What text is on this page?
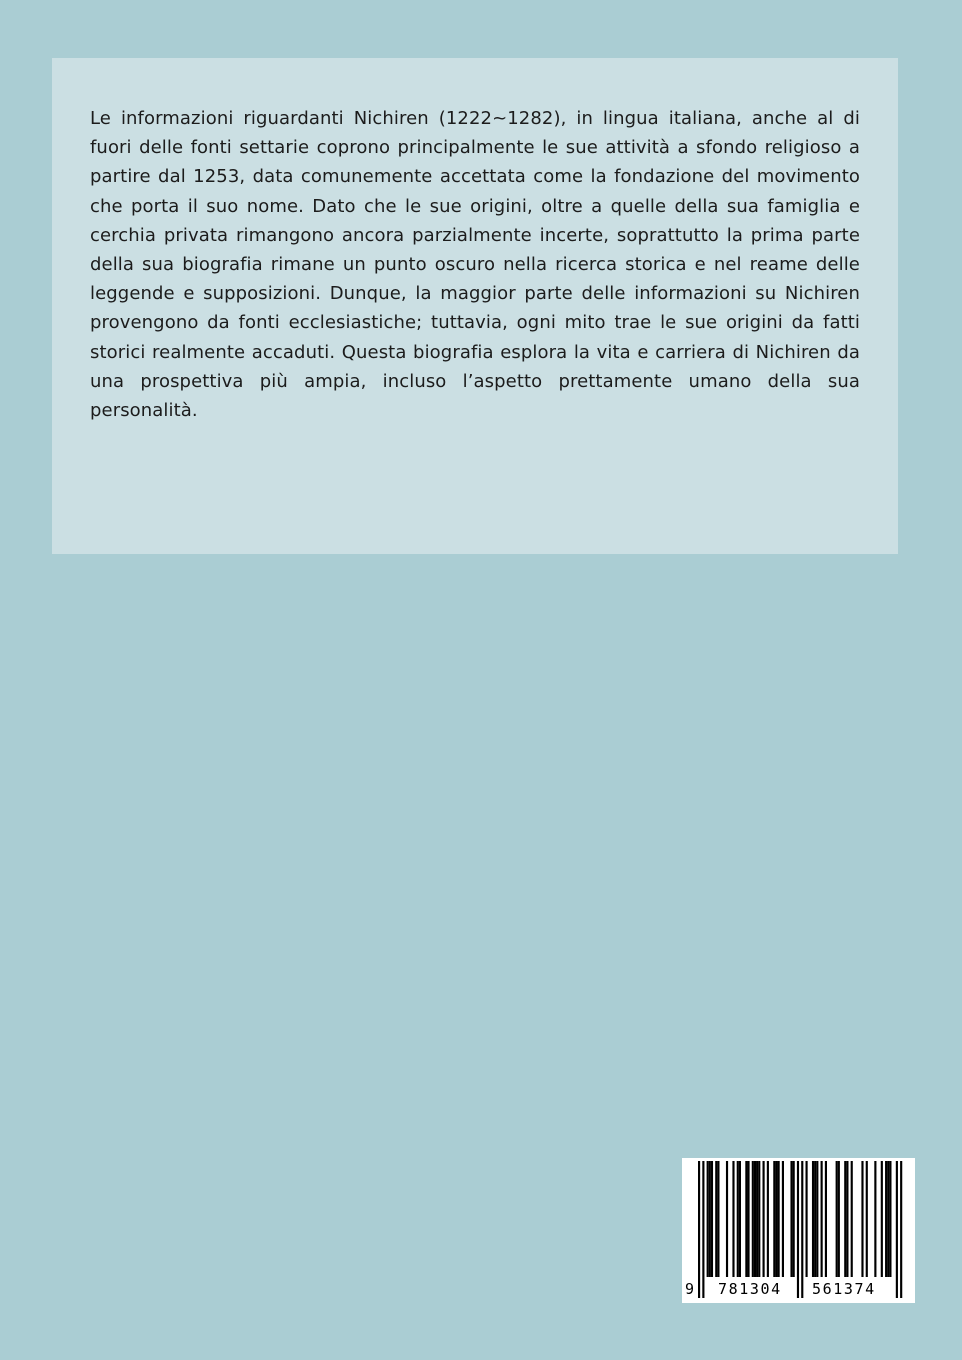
Le informazioni riguardanti Nichiren (1222~1282), in lingua italiana, anche al di fuori delle fonti settarie coprono principalmente le sue attività a sfondo religioso a partire dal 1253, data comunemente accettata come la fondazione del movimento che porta il suo nome. Dato che le sue origini, oltre a quelle della sua famiglia e cerchia privata rimangono ancora parzialmente incerte, soprattutto la prima parte della sua biografia rimane un punto oscuro nella ricerca storica e nel reame delle leggende e supposizioni. Dunque, la maggior parte delle informazioni su Nichiren provengono da fonti ecclesiastiche; tuttavia, ogni mito trae le sue origini da fatti storici realmente accaduti. Questa biografia esplora la vita e carriera di Nichiren da una prospettiva più ampia, incluso l’aspetto prettamente umano della sua personalità.

9 781304 561374
